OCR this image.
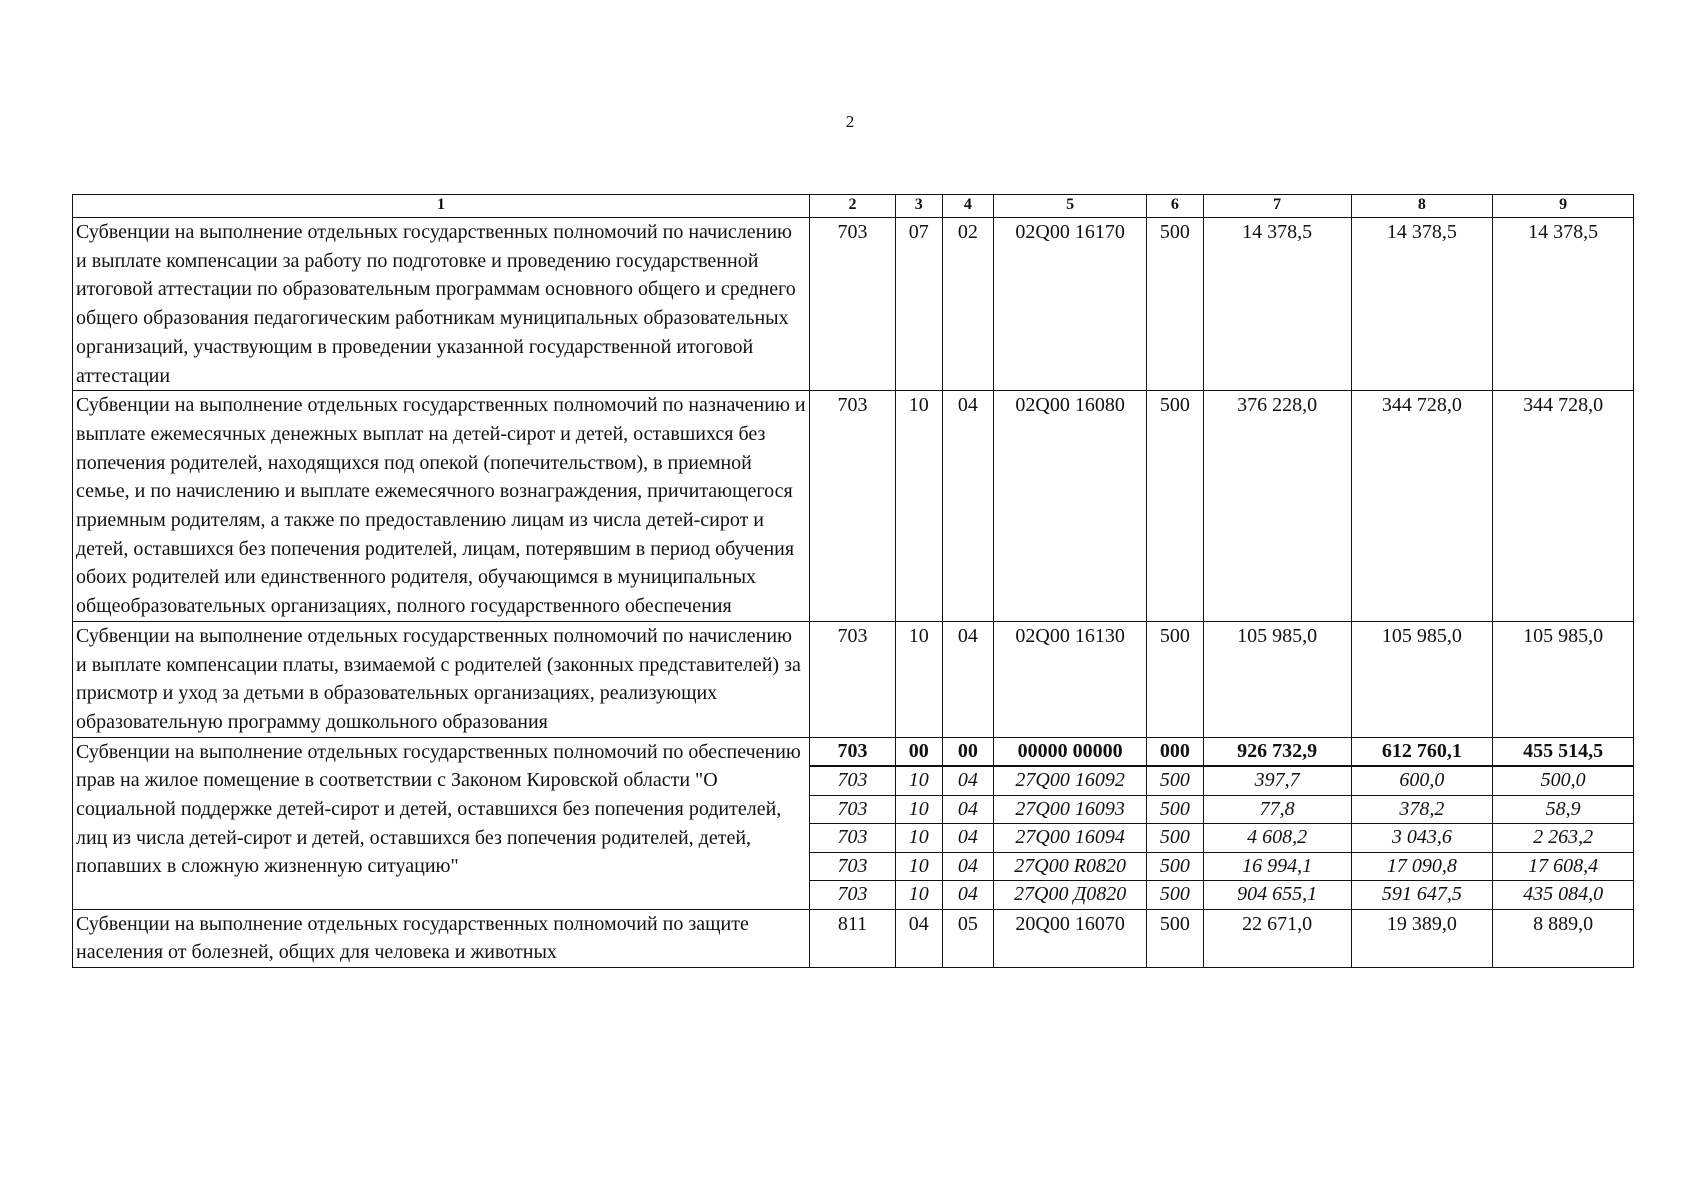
2
1	2	3	4	5	6	7	8	9
Субвенции на выполнение отдельных государственных полномочий по начислению и выплате компенсации за работу по подготовке и проведению государственной итоговой аттестации по образовательным программам основного общего и среднего общего образования педагогическим работникам муниципальных образовательных организаций, участвующим в проведении указанной государственной итоговой аттестации	703	07	02	02Q00 16170	500	14 378,5	14 378,5	14 378,5
Субвенции на выполнение отдельных государственных полномочий по назначению и выплате ежемесячных денежных выплат на детей-сирот и детей, оставшихся без попечения родителей, находящихся под опекой (попечительством), в приемной семье, и по начислению и выплате ежемесячного вознаграждения, причитающегося приемным родителям, а также по предоставлению лицам из числа детей-сирот и детей, оставшихся без попечения родителей, лицам, потерявшим в период обучения обоих родителей или единственного родителя, обучающимся в муниципальных общеобразовательных организациях, полного государственного обеспечения	703	10	04	02Q00 16080	500	376 228,0	344 728,0	344 728,0
Субвенции на выполнение отдельных государственных полномочий по начислению и выплате компенсации платы, взимаемой с родителей (законных представителей) за присмотр и уход за детьми в образовательных организациях, реализующих образовательную программу дошкольного образования	703	10	04	02Q00 16130	500	105 985,0	105 985,0	105 985,0
Субвенции на выполнение отдельных государственных полномочий по обеспечению прав на жилое помещение в соответствии с Законом Кировской области "О социальной поддержке детей-сирот и детей, оставшихся без попечения родителей, лиц из числа детей-сирот и детей, оставшихся без попечения родителей, детей, попавших в сложную жизненную ситуацию"	703	00	00	00000 00000	000	926 732,9	612 760,1	455 514,5
	703	10	04	27Q00 16092	500	397,7	600,0	500,0
	703	10	04	27Q00 16093	500	77,8	378,2	58,9
	703	10	04	27Q00 16094	500	4 608,2	3 043,6	2 263,2
	703	10	04	27Q00 R0820	500	16 994,1	17 090,8	17 608,4
	703	10	04	27Q00 Д0820	500	904 655,1	591 647,5	435 084,0
Субвенции на выполнение отдельных государственных полномочий по защите населения от болезней, общих для человека и животных	811	04	05	20Q00 16070	500	22 671,0	19 389,0	8 889,0
